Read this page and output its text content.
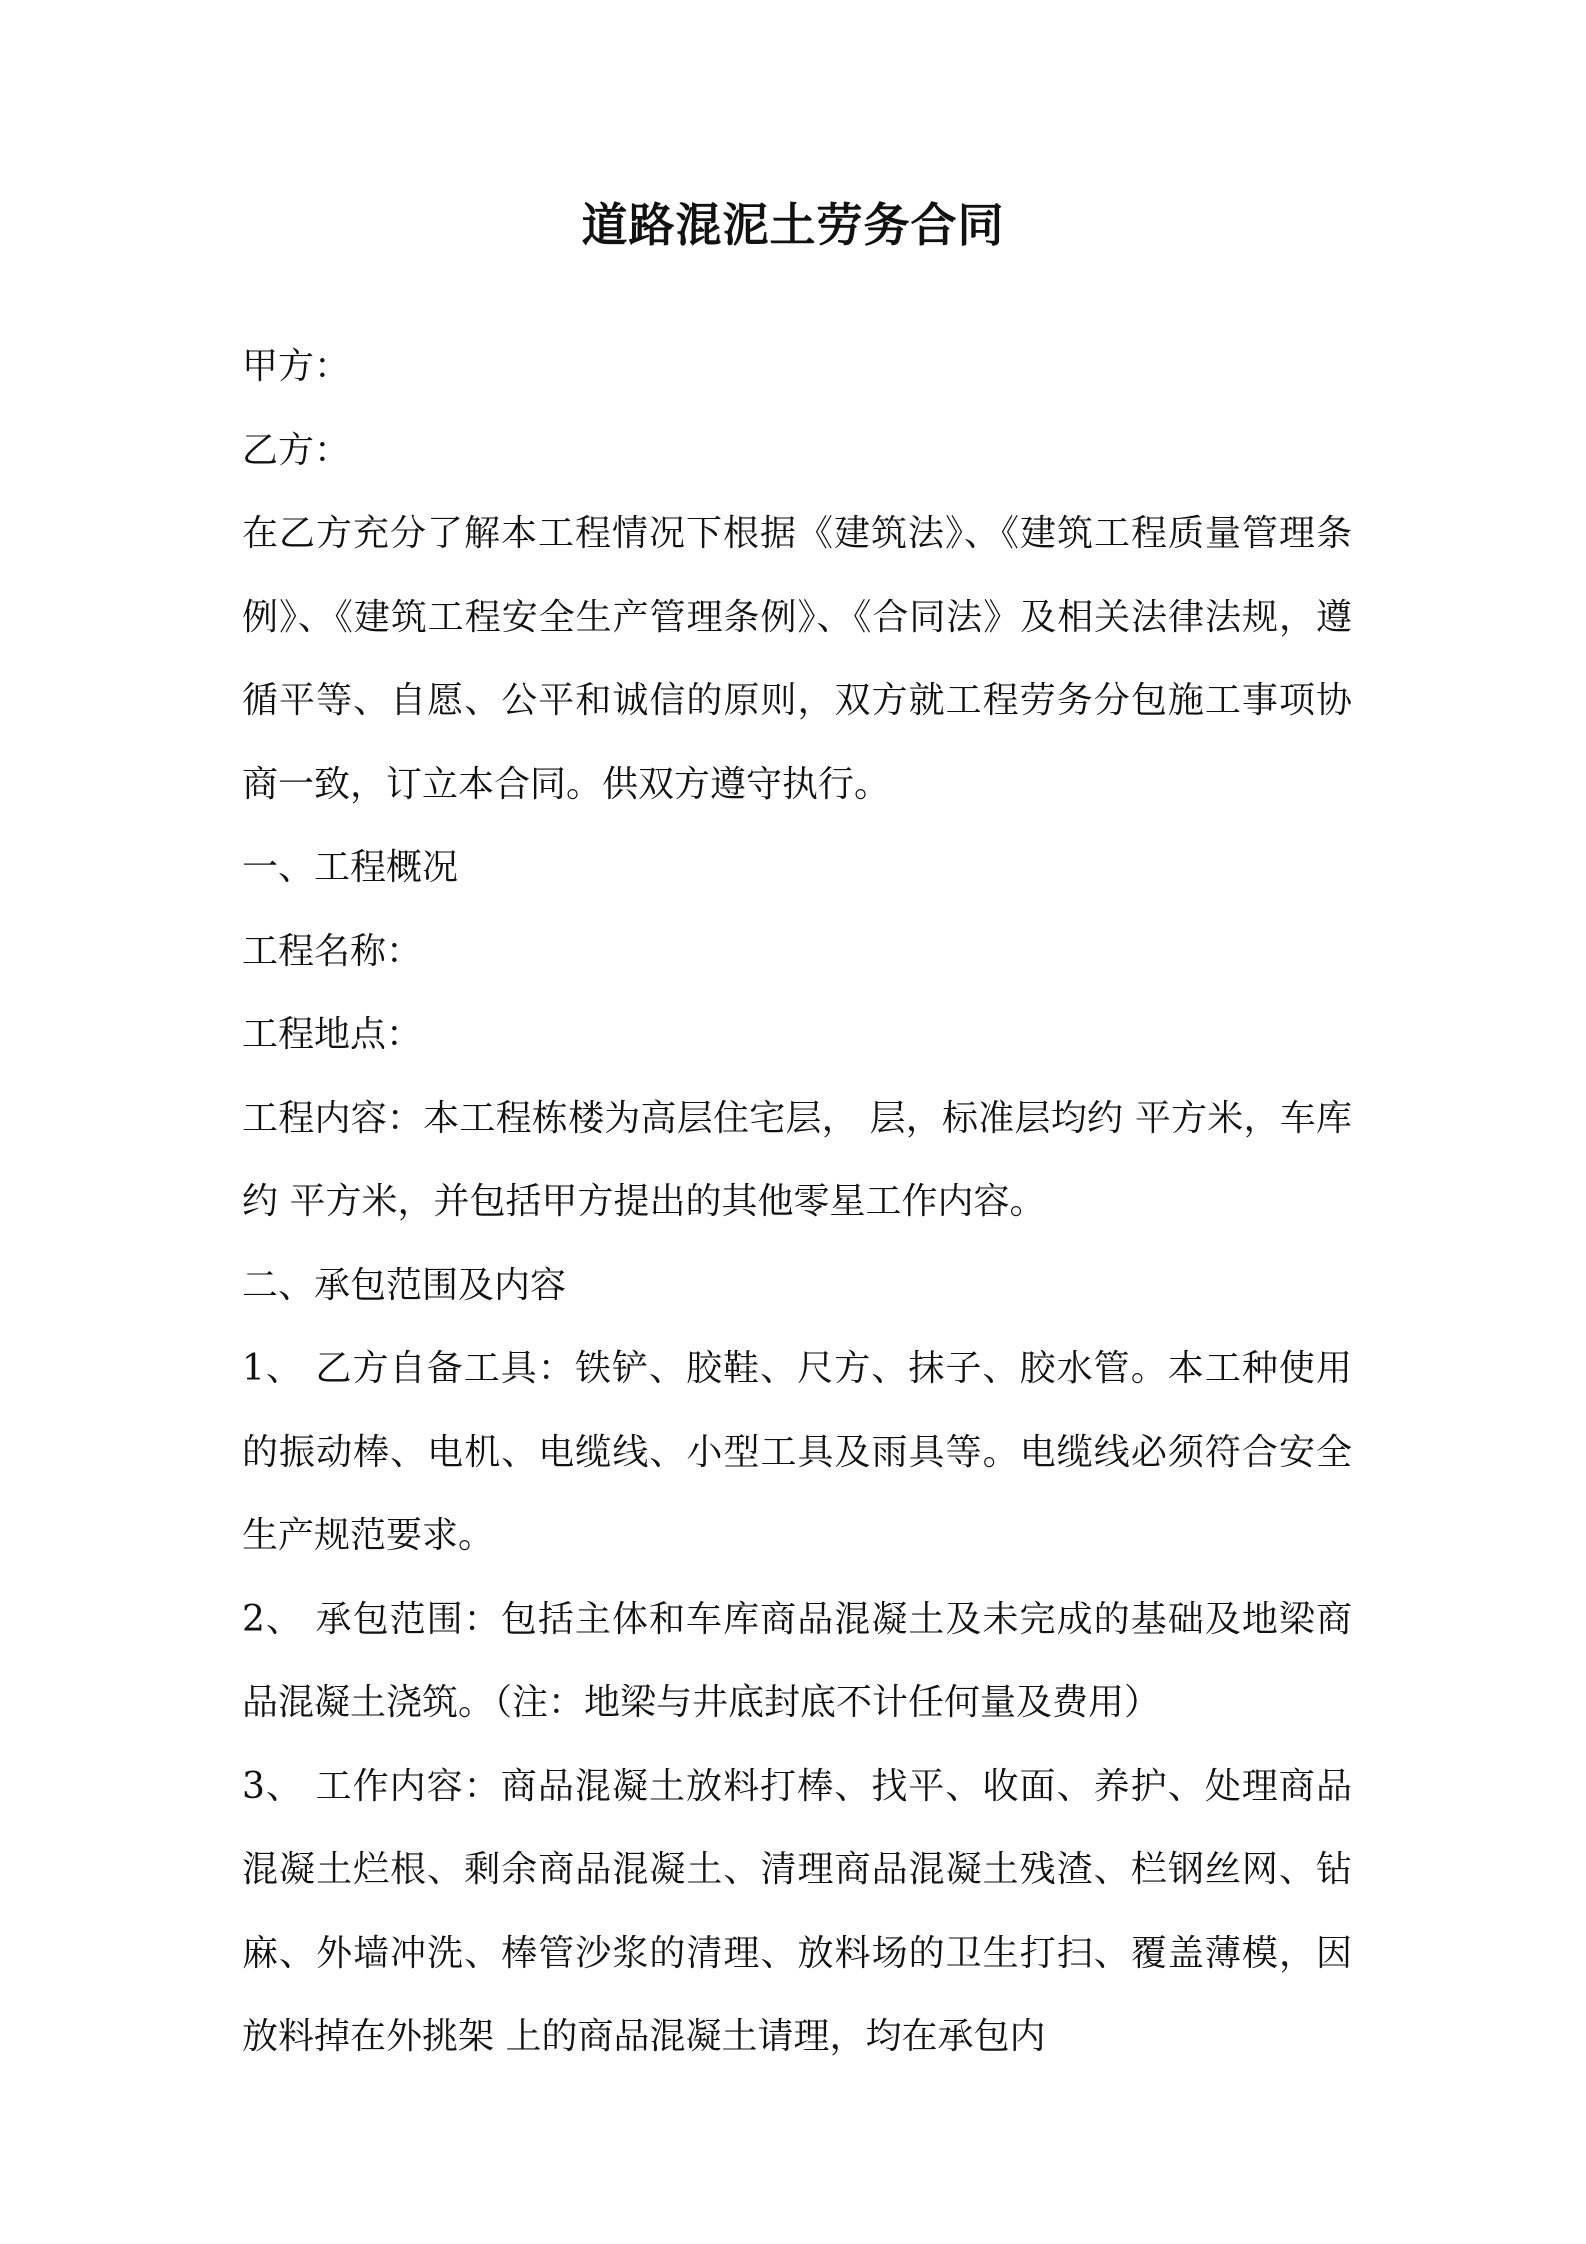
道路混泥土劳务合同

甲方：

乙方：

在乙方充分了解本工程情况下根据《建筑法》、《建筑工程质量管理条例》、《建筑工程安全生产管理条例》、《合同法》及相关法律法规，遵循平等、自愿、公平和诚信的原则，双方就工程劳务分包施工事项协商一致，订立本合同。供双方遵守执行。

一、工程概况

工程名称：

工程地点：

工程内容：本工程栋楼为高层住宅层， 层，标准层均约 平方米，车库约 平方米，并包括甲方提出的其他零星工作内容。

二、承包范围及内容

1、 乙方自备工具：铁铲、胶鞋、尺方、抹子、胶水管。本工种使用的振动棒、电机、电缆线、小型工具及雨具等。电缆线必须符合安全生产规范要求。

2、 承包范围：包括主体和车库商品混凝土及未完成的基础及地梁商品混凝土浇筑。（注：地梁与井底封底不计任何量及费用）

3、 工作内容：商品混凝土放料打棒、找平、收面、养护、处理商品混凝土烂根、剩余商品混凝土、清理商品混凝土残渣、栏钢丝网、钻麻、外墙冲洗、棒管沙浆的清理、放料场的卫生打扫、覆盖薄模，因放料掉在外挑架 上的商品混凝土请理，均在承包内
